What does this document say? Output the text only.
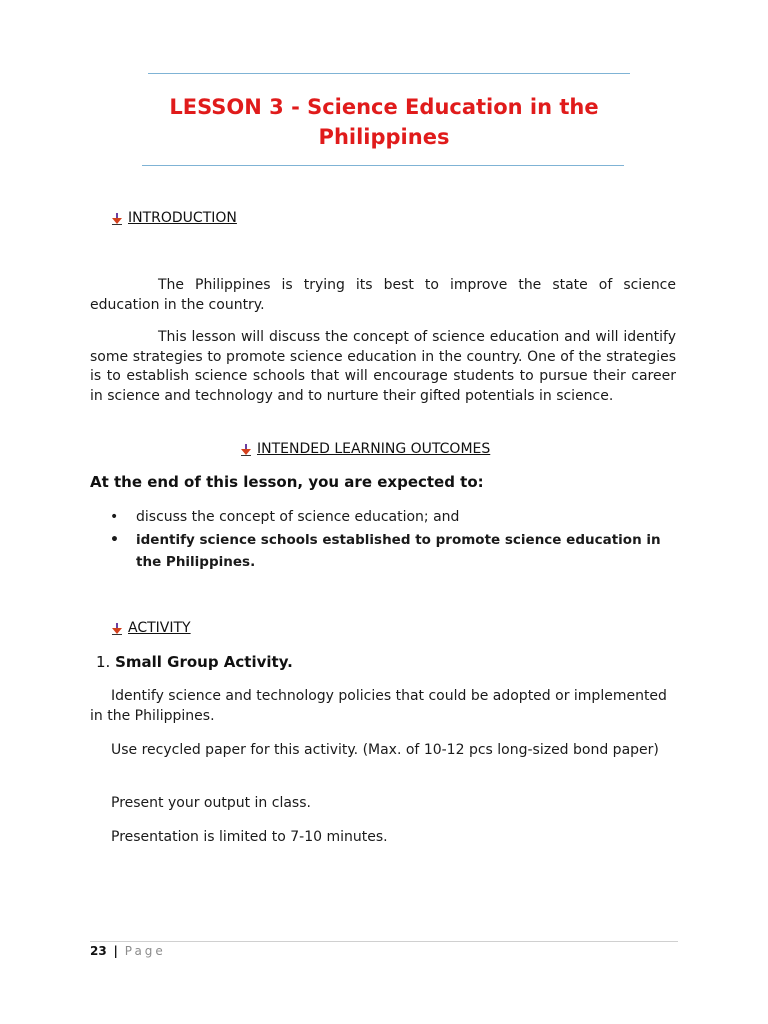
LESSON 3 - Science Education in the
Philippines
INTRODUCTION
The Philippines is trying its best to improve the state of science education in the country.
This lesson will discuss the concept of science education and will identify some strategies to promote science education in the country. One of the strategies is to establish science schools that will encourage students to pursue their career in science and technology and to nurture their gifted potentials in science.
INTENDED LEARNING OUTCOMES
At the end of this lesson, you are expected to:
• discuss the concept of science education; and
• identify science schools established to promote science education in the Philippines.
ACTIVITY
1. Small Group Activity.
Identify science and technology policies that could be adopted or implemented in the Philippines.
Use recycled paper for this activity. (Max. of 10-12 pcs long-sized bond paper)
Present your output in class.
Presentation is limited to 7-10 minutes.
23 | Page
